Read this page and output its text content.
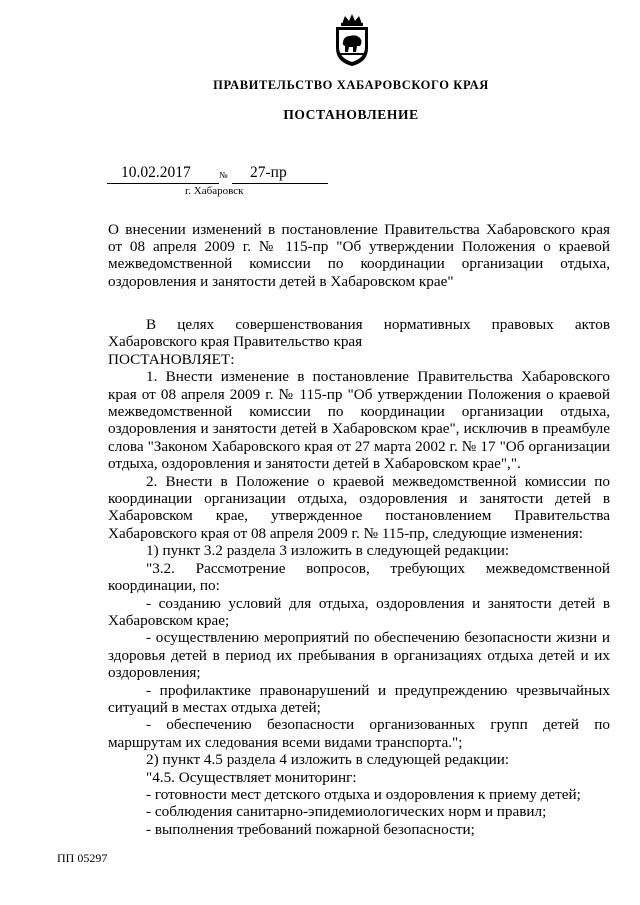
ПРАВИТЕЛЬСТВО ХАБАРОВСКОГО КРАЯ
ПОСТАНОВЛЕНИЕ
10.02.2017	№	27-пр
г. Хабаровск
О внесении изменений в постановление Правительства Хабаровского края от 08 апреля 2009 г. № 115-пр "Об утверждении Положения о краевой межведомственной комиссии по координации организации отдыха, оздоровления и занятости детей в Хабаровском крае"

В целях совершенствования нормативных правовых актов Хабаровского края Правительство края

ПОСТАНОВЛЯЕТ:

1. Внести изменение в постановление Правительства Хабаровского края от 08 апреля 2009 г. № 115-пр "Об утверждении Положения о краевой межведомственной комиссии по координации организации отдыха, оздоровления и занятости детей в Хабаровском крае", исключив в преамбуле слова "Законом Хабаровского края от 27 марта 2002 г. № 17 "Об организации отдыха, оздоровления и занятости детей в Хабаровском крае",".

2. Внести в Положение о краевой межведомственной комиссии по координации организации отдыха, оздоровления и занятости детей в Хабаровском крае, утвержденное постановлением Правительства Хабаровского края от 08 апреля 2009 г. № 115-пр, следующие изменения:

1) пункт 3.2 раздела 3 изложить в следующей редакции:

"3.2. Рассмотрение вопросов, требующих межведомственной координации, по:

- созданию условий для отдыха, оздоровления и занятости детей в Хабаровском крае;

- осуществлению мероприятий по обеспечению безопасности жизни и здоровья детей в период их пребывания в организациях отдыха детей и их оздоровления;

- профилактике правонарушений и предупреждению чрезвычайных ситуаций в местах отдыха детей;

- обеспечению безопасности организованных групп детей по маршрутам их следования всеми видами транспорта.";

2) пункт 4.5 раздела 4 изложить в следующей редакции:

"4.5. Осуществляет мониторинг:

- готовности мест детского отдыха и оздоровления к приему детей;

- соблюдения санитарно-эпидемиологических норм и правил;

- выполнения требований пожарной безопасности;

ПП 05297
